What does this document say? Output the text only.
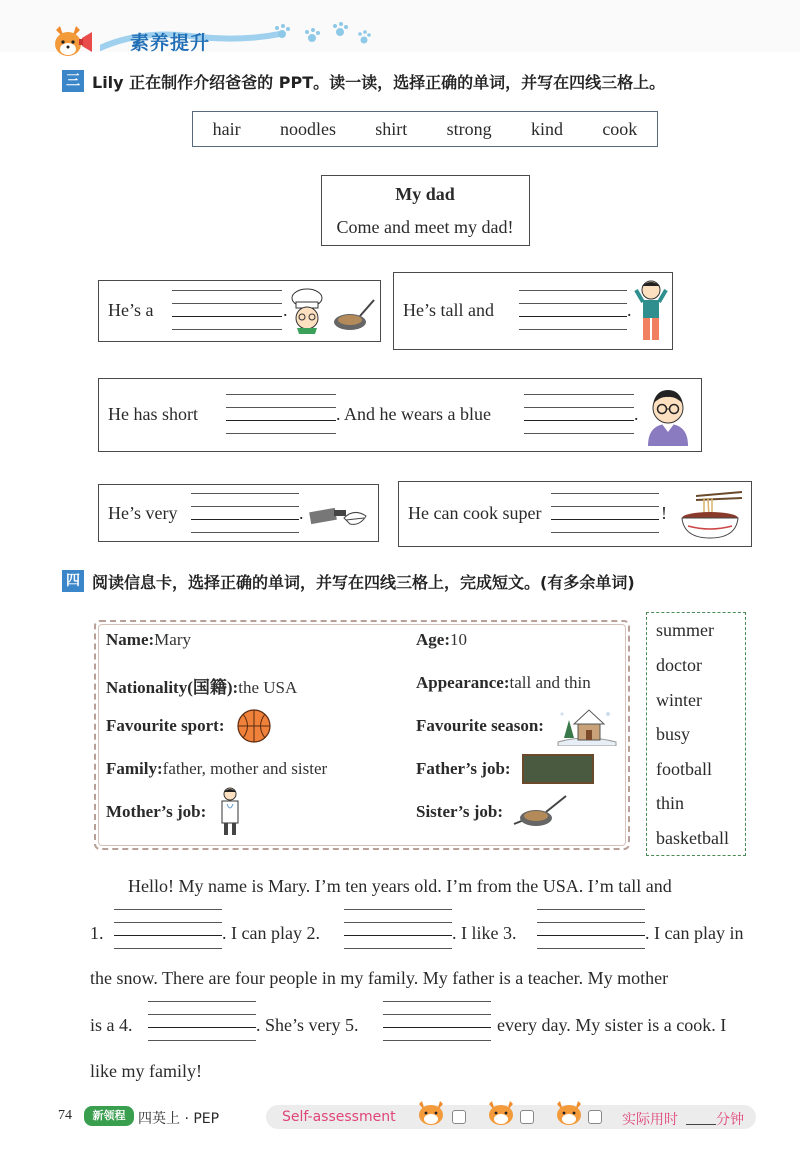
素养提升
三 Lily 正在制作介绍爸爸的 PPT。读一读，选择正确的单词，并写在四线三格上。
hair noodles shirt strong kind cook
My dad
Come and meet my dad!
He’s a	.	He’s tall and	.
He has short	. And he wears a blue	.
He’s very	.	He can cook super	!
四 阅读信息卡，选择正确的单词，并写在四线三格上，完成短文。(有多余单词)
Name:Mary
Nationality(国籍):the USA
Favourite sport:
Family:father, mother and sister
Mother’s job:
Age:10
Appearance:tall and thin
Favourite season:
Father’s job:
Sister’s job:
summer
doctor
winter
busy
football
thin
basketball
Hello! My name is Mary. I’m ten years old. I’m from the USA. I’m tall and
1.	. I can play 2.	. I like 3.	. I can play in
the snow. There are four people in my family. My father is a teacher. My mother
is a 4.	. She’s very 5.	every day. My sister is a cook. I
like my family!
74	新领程 四英上 · PEP	Self-assessment	实际用时	分钟
